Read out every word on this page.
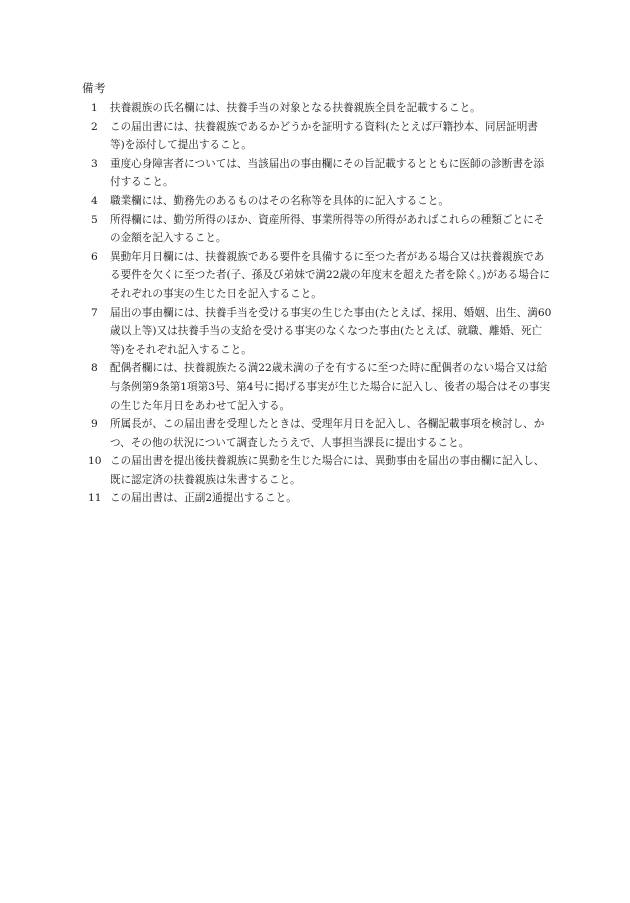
備考
1	扶養親族の氏名欄には、扶養手当の対象となる扶養親族全員を記載すること。
2	この届出書には、扶養親族であるかどうかを証明する資料(たとえば戸籍抄本、同居証明書等)を添付して提出すること。
3	重度心身障害者については、当該届出の事由欄にその旨記載するとともに医師の診断書を添付すること。
4	職業欄には、勤務先のあるものはその名称等を具体的に記入すること。
5	所得欄には、勤労所得のほか、資産所得、事業所得等の所得があればこれらの種類ごとにその金額を記入すること。
6	異動年月日欄には、扶養親族である要件を具備するに至つた者がある場合又は扶養親族である要件を欠くに至つた者(子、孫及び弟妹で満22歳の年度末を超えた者を除く。)がある場合にそれぞれの事実の生じた日を記入すること。
7	届出の事由欄には、扶養手当を受ける事実の生じた事由(たとえば、採用、婚姻、出生、満60歳以上等)又は扶養手当の支給を受ける事実のなくなつた事由(たとえば、就職、離婚、死亡等)をそれぞれ記入すること。
8	配偶者欄には、扶養親族たる満22歳未満の子を有するに至つた時に配偶者のない場合又は給与条例第9条第1項第3号、第4号に掲げる事実が生じた場合に記入し、後者の場合はその事実の生じた年月日をあわせて記入する。
9	所属長が、この届出書を受理したときは、受理年月日を記入し、各欄記載事項を検討し、かつ、その他の状況について調査したうえで、人事担当課長に提出すること。
10 この届出書を提出後扶養親族に異動を生じた場合には、異動事由を届出の事由欄に記入し、既に認定済の扶養親族は朱書すること。
11 この届出書は、正副2通提出すること。
